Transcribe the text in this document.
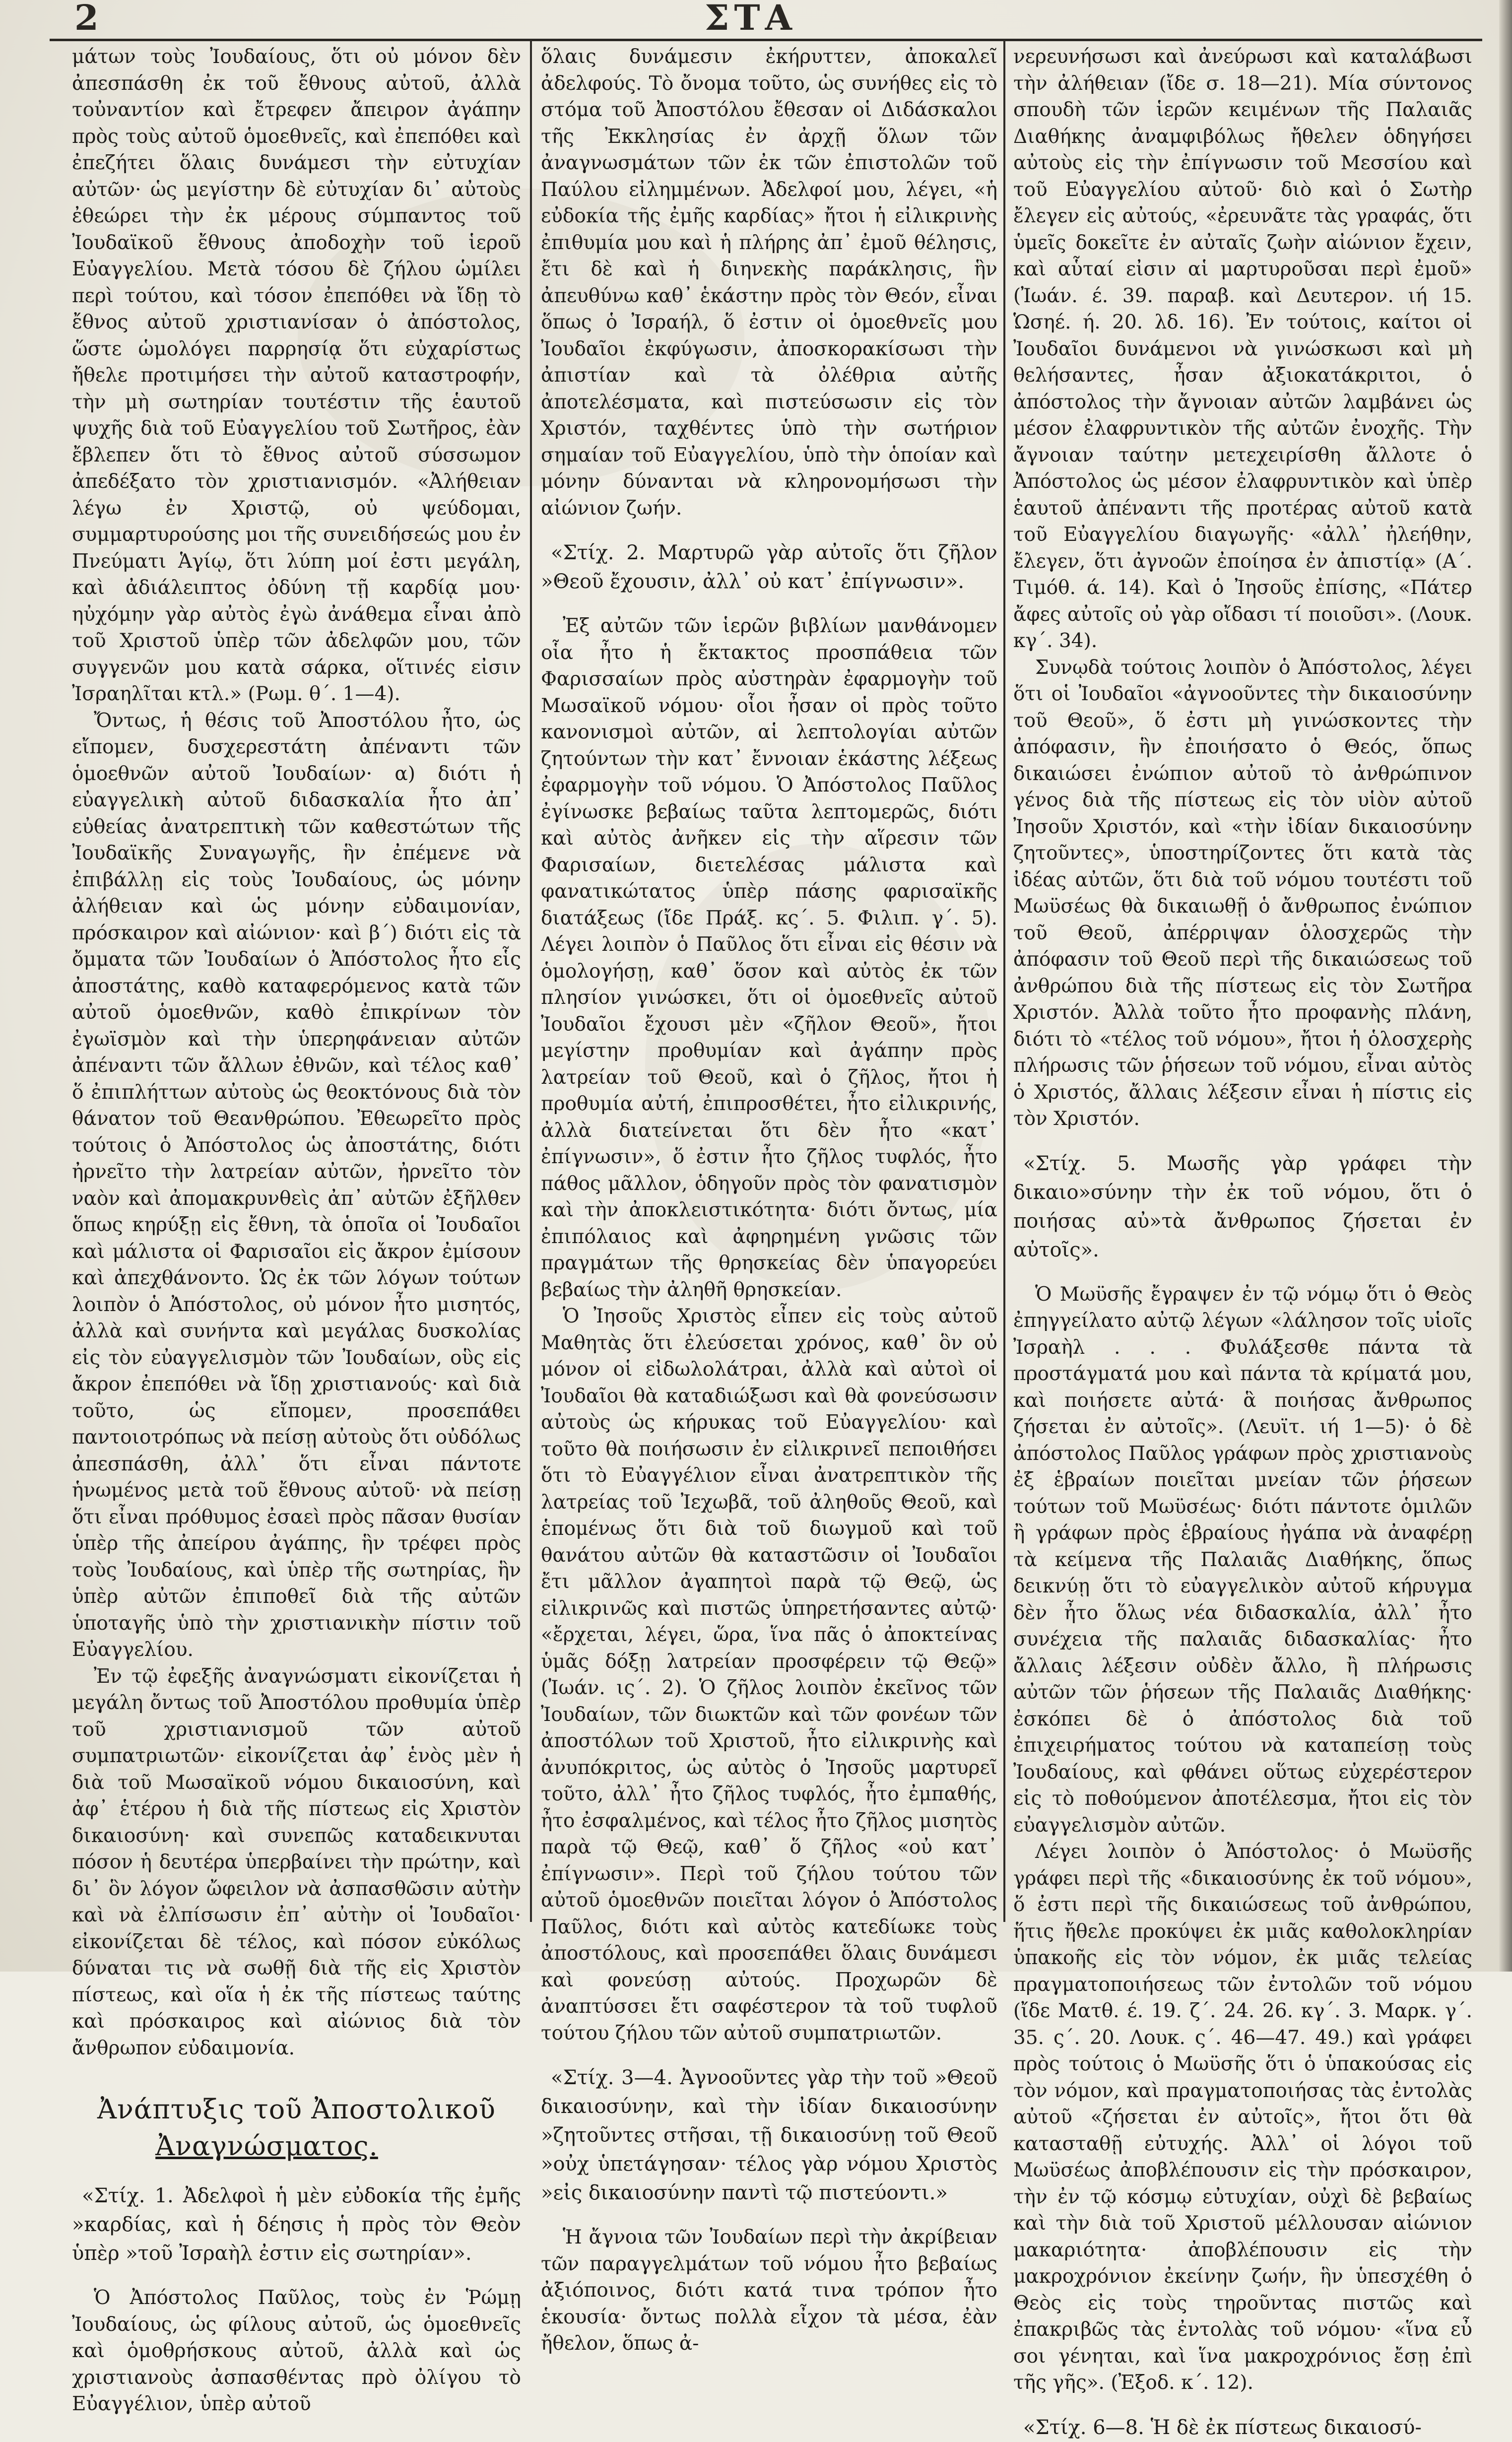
2	ΣΤΑ

μάτων τοὺς Ἰουδαίους, ὅτι οὐ μόνον δὲν ἀπεσπάσθη ἐκ τοῦ ἔθνους αὐτοῦ, ἀλλὰ τοὐναντίον καὶ ἔτρεφεν ἄπειρον ἀγάπην πρὸς τοὺς αὐτοῦ ὁμοεθνεῖς, καὶ ἐπεπόθει καὶ ἐπεζήτει ὅλαις δυνάμεσι τὴν εὐτυχίαν αὐτῶν· ὡς μεγίστην δὲ εὐτυχίαν δι᾽ αὐτοὺς ἐθεώρει τὴν ἐκ μέρους σύμπαντος τοῦ Ἰουδαϊκοῦ ἔθνους ἀποδοχὴν τοῦ ἱεροῦ Εὐαγγελίου. Μετὰ τόσου δὲ ζήλου ὡμίλει περὶ τούτου, καὶ τόσον ἐπεπόθει νὰ ἴδῃ τὸ ἔθνος αὐτοῦ χριστιανίσαν ὁ ἀπόστολος, ὥστε ὡμολόγει παρρησίᾳ ὅτι εὐχαρίστως ἤθελε προτιμήσει τὴν αὐτοῦ καταστροφήν, τὴν μὴ σωτηρίαν τουτέστιν τῆς ἑαυτοῦ ψυχῆς διὰ τοῦ Εὐαγγελίου τοῦ Σωτῆρος, ἐὰν ἔβλεπεν ὅτι τὸ ἔθνος αὐτοῦ σύσσωμον ἀπεδέξατο τὸν χριστιανισμόν. «Ἀλήθειαν λέγω ἐν Χριστῷ, οὐ ψεύδομαι, συμμαρτυρούσης μοι τῆς συνειδήσεώς μου ἐν Πνεύματι Ἁγίῳ, ὅτι λύπη μοί ἐστι μεγάλη, καὶ ἀδιάλειπτος ὀδύνη τῇ καρδίᾳ μου· ηὐχόμην γὰρ αὐτὸς ἐγὼ ἀνάθεμα εἶναι ἀπὸ τοῦ Χριστοῦ ὑπὲρ τῶν ἀδελφῶν μου, τῶν συγγενῶν μου κατὰ σάρκα, οἵτινές εἰσιν Ἰσραηλῖται κτλ.» (Ρωμ. θ΄. 1—4).

Ὄντως, ἡ θέσις τοῦ Ἀποστόλου ἦτο, ὡς εἴπομεν, δυσχερεστάτη ἀπέναντι τῶν ὁμοεθνῶν αὐτοῦ Ἰουδαίων· α) διότι ἡ εὐαγγελικὴ αὐτοῦ διδασκαλία ἦτο ἀπ᾽ εὐθείας ἀνατρεπτικὴ τῶν καθεστώτων τῆς Ἰουδαϊκῆς Συναγωγῆς, ἣν ἐπέμενε νὰ ἐπιβάλλῃ εἰς τοὺς Ἰουδαίους, ὡς μόνην ἀλήθειαν καὶ ὡς μόνην εὐδαιμονίαν, πρόσκαιρον καὶ αἰώνιον· καὶ β΄) διότι εἰς τὰ ὄμματα τῶν Ἰουδαίων ὁ Ἀπόστολος ἦτο εἷς ἀποστάτης, καθὸ καταφερόμενος κατὰ τῶν αὐτοῦ ὁμοεθνῶν, καθὸ ἐπικρίνων τὸν ἐγωϊσμὸν καὶ τὴν ὑπερηφάνειαν αὐτῶν ἀπέναντι τῶν ἄλλων ἐθνῶν, καὶ τέλος καθ᾽ ὅ ἐπιπλήττων αὐτοὺς ὡς θεοκτόνους διὰ τὸν θάνατον τοῦ Θεανθρώπου. Ἐθεωρεῖτο πρὸς τούτοις ὁ Ἀπόστολος ὡς ἀποστάτης, διότι ἠρνεῖτο τὴν λατρείαν αὐτῶν, ἠρνεῖτο τὸν ναὸν καὶ ἀπομακρυνθεὶς ἀπ᾽ αὐτῶν ἐξῆλθεν ὅπως κηρύξῃ εἰς ἔθνη, τὰ ὁποῖα οἱ Ἰουδαῖοι καὶ μάλιστα οἱ Φαρισαῖοι εἰς ἄκρον ἐμίσουν καὶ ἀπεχθάνοντο. Ὡς ἐκ τῶν λόγων τούτων λοιπὸν ὁ Ἀπόστολος, οὐ μόνον ἦτο μισητός, ἀλλὰ καὶ συνήντα καὶ μεγάλας δυσκολίας εἰς τὸν εὐαγγελισμὸν τῶν Ἰουδαίων, οὓς εἰς ἄκρον ἐπεπόθει νὰ ἴδῃ χριστιανούς· καὶ διὰ τοῦτο, ὡς εἴπομεν, προσεπάθει παντοιοτρόπως νὰ πείσῃ αὐτοὺς ὅτι οὐδόλως ἀπεσπάσθη, ἀλλ᾽ ὅτι εἶναι πάντοτε ἡνωμένος μετὰ τοῦ ἔθνους αὐτοῦ· νὰ πείσῃ ὅτι εἶναι πρόθυμος ἐσαεὶ πρὸς πᾶσαν θυσίαν ὑπὲρ τῆς ἀπείρου ἀγάπης, ἣν τρέφει πρὸς τοὺς Ἰουδαίους, καὶ ὑπὲρ τῆς σωτηρίας, ἣν ὑπὲρ αὐτῶν ἐπιποθεῖ διὰ τῆς αὐτῶν ὑποταγῆς ὑπὸ τὴν χριστιανικὴν πίστιν τοῦ Εὐαγγελίου.

Ἐν τῷ ἐφεξῆς ἀναγνώσματι εἰκονίζεται ἡ μεγάλη ὄντως τοῦ Ἀποστόλου προθυμία ὑπὲρ τοῦ χριστιανισμοῦ τῶν αὐτοῦ συμπατριωτῶν· εἰκονίζεται ἀφ᾽ ἑνὸς μὲν ἡ διὰ τοῦ Μωσαϊκοῦ νόμου δικαιοσύνη, καὶ ἀφ᾽ ἑτέρου ἡ διὰ τῆς πίστεως εἰς Χριστὸν δικαιοσύνη· καὶ συνεπῶς καταδεικνυται πόσον ἡ δευτέρα ὑπερβαίνει τὴν πρώτην, καὶ δι᾽ ὃν λόγον ὤφειλον νὰ ἀσπασθῶσιν αὐτὴν καὶ νὰ ἐλπίσωσιν ἐπ᾽ αὐτὴν οἱ Ἰουδαῖοι· εἰκονίζεται δὲ τέλος, καὶ πόσον εὐκόλως δύναται τις νὰ σωθῇ διὰ τῆς εἰς Χριστὸν πίστεως, καὶ οἵα ἡ ἐκ τῆς πίστεως ταύτης καὶ πρόσκαιρος καὶ αἰώνιος διὰ τὸν ἄνθρωπον εὐδαιμονία.

Ἀνάπτυξις τοῦ Ἀποστολικοῦ
Ἀναγνώσματος.

«Στίχ. 1. Ἀδελφοὶ ἡ μὲν εὐδοκία τῆς ἐμῆς »καρδίας, καὶ ἡ δέησις ἡ πρὸς τὸν Θεὸν ὑπὲρ »τοῦ Ἰσραὴλ ἐστιν εἰς σωτηρίαν».

Ὁ Ἀπόστολος Παῦλος, τοὺς ἐν Ῥώμῃ Ἰουδαίους, ὡς φίλους αὐτοῦ, ὡς ὁμοεθνεῖς καὶ ὁμοθρήσκους αὐτοῦ, ἀλλὰ καὶ ὡς χριστιανοὺς ἀσπασθέντας πρὸ ὀλίγου τὸ Εὐαγγέλιον, ὑπὲρ αὐτοῦ

ὅλαις δυνάμεσιν ἐκήρυττεν, ἀποκαλεῖ ἀδελφούς. Τὸ ὄνομα τοῦτο, ὡς συνήθες εἰς τὸ στόμα τοῦ Ἀποστόλου ἔθεσαν οἱ Διδάσκαλοι τῆς Ἐκκλησίας ἐν ἀρχῇ ὅλων τῶν ἀναγνωσμάτων τῶν ἐκ τῶν ἐπιστολῶν τοῦ Παύλου εἰλημμένων. Ἀδελφοί μου, λέγει, «ἡ εὐδοκία τῆς ἐμῆς καρδίας» ἤτοι ἡ εἰλικρινὴς ἐπιθυμία μου καὶ ἡ πλήρης ἀπ᾽ ἐμοῦ θέλησις, ἔτι δὲ καὶ ἡ διηνεκὴς παράκλησις, ἣν ἀπευθύνω καθ᾽ ἑκάστην πρὸς τὸν Θεόν, εἶναι ὅπως ὁ Ἰσραήλ, ὅ ἐστιν οἱ ὁμοεθνεῖς μου Ἰουδαῖοι ἐκφύγωσιν, ἀποσκορακίσωσι τὴν ἀπιστίαν καὶ τὰ ὀλέθρια αὐτῆς ἀποτελέσματα, καὶ πιστεύσωσιν εἰς τὸν Χριστόν, ταχθέντες ὑπὸ τὴν σωτήριον σημαίαν τοῦ Εὐαγγελίου, ὑπὸ τὴν ὁποίαν καὶ μόνην δύνανται νὰ κληρονομήσωσι τὴν αἰώνιον ζωήν.

«Στίχ. 2. Μαρτυρῶ γὰρ αὐτοῖς ὅτι ζῆλον »Θεοῦ ἔχουσιν, ἀλλ᾽ οὐ κατ᾽ ἐπίγνωσιν».

Ἐξ αὐτῶν τῶν ἱερῶν βιβλίων μανθάνομεν οἷα ἦτο ἡ ἔκτακτος προσπάθεια τῶν Φαρισσαίων πρὸς αὐστηρὰν ἐφαρμογὴν τοῦ Μωσαϊκοῦ νόμου· οἷοι ἦσαν οἱ πρὸς τοῦτο κανονισμοὶ αὐτῶν, αἱ λεπτολογίαι αὐτῶν ζητούντων τὴν κατ᾽ ἔννοιαν ἑκάστης λέξεως ἐφαρμογὴν τοῦ νόμου. Ὁ Ἀπόστολος Παῦλος ἐγίνωσκε βεβαίως ταῦτα λεπτομερῶς, διότι καὶ αὐτὸς ἀνῆκεν εἰς τὴν αἵρεσιν τῶν Φαρισαίων, διετελέσας μάλιστα καὶ φανατικώτατος ὑπὲρ πάσης φαρισαϊκῆς διατάξεως (ἴδε Πράξ. κς΄. 5. Φιλιπ. γ΄. 5). Λέγει λοιπὸν ὁ Παῦλος ὅτι εἶναι εἰς θέσιν νὰ ὁμολογήσῃ, καθ᾽ ὅσον καὶ αὐτὸς ἐκ τῶν πλησίον γινώσκει, ὅτι οἱ ὁμοεθνεῖς αὐτοῦ Ἰουδαῖοι ἔχουσι μὲν «ζῆλον Θεοῦ», ἤτοι μεγίστην προθυμίαν καὶ ἀγάπην πρὸς λατρείαν τοῦ Θεοῦ, καὶ ὁ ζῆλος, ἤτοι ἡ προθυμία αὐτή, ἐπιπροσθέτει, ἦτο εἰλικρινής, ἀλλὰ διατείνεται ὅτι δὲν ἦτο «κατ᾽ ἐπίγνωσιν», ὅ ἐστιν ἦτο ζῆλος τυφλός, ἦτο πάθος μᾶλλον, ὁδηγοῦν πρὸς τὸν φανατισμὸν καὶ τὴν ἀποκλειστικότητα· διότι ὄντως, μία ἐπιπόλαιος καὶ ἀφηρημένη γνῶσις τῶν πραγμάτων τῆς θρησκείας δὲν ὑπαγορεύει βεβαίως τὴν ἀληθῆ θρησκείαν.

Ὁ Ἰησοῦς Χριστὸς εἶπεν εἰς τοὺς αὐτοῦ Μαθητὰς ὅτι ἐλεύσεται χρόνος, καθ᾽ ὃν οὐ μόνον οἱ εἰδωλολάτραι, ἀλλὰ καὶ αὐτοὶ οἱ Ἰουδαῖοι θὰ καταδιώξωσι καὶ θὰ φονεύσωσιν αὐτοὺς ὡς κήρυκας τοῦ Εὐαγγελίου· καὶ τοῦτο θὰ ποιήσωσιν ἐν εἰλικρινεῖ πεποιθήσει ὅτι τὸ Εὐαγγέλιον εἶναι ἀνατρεπτικὸν τῆς λατρείας τοῦ Ἰεχωβᾶ, τοῦ ἀληθοῦς Θεοῦ, καὶ ἑπομένως ὅτι διὰ τοῦ διωγμοῦ καὶ τοῦ θανάτου αὐτῶν θὰ καταστῶσιν οἱ Ἰουδαῖοι ἔτι μᾶλλον ἀγαπητοὶ παρὰ τῷ Θεῷ, ὡς εἰλικρινῶς καὶ πιστῶς ὑπηρετήσαντες αὐτῷ· «ἔρχεται, λέγει, ὥρα, ἵνα πᾶς ὁ ἀποκτείνας ὑμᾶς δόξῃ λατρείαν προσφέρειν τῷ Θεῷ» (Ἰωάν. ις΄. 2). Ὁ ζῆλος λοιπὸν ἐκεῖνος τῶν Ἰουδαίων, τῶν διωκτῶν καὶ τῶν φονέων τῶν ἀποστόλων τοῦ Χριστοῦ, ἦτο εἰλικρινὴς καὶ ἀνυπόκριτος, ὡς αὐτὸς ὁ Ἰησοῦς μαρτυρεῖ τοῦτο, ἀλλ᾽ ἦτο ζῆλος τυφλός, ἦτο ἐμπαθής, ἦτο ἐσφαλμένος, καὶ τέλος ἦτο ζῆλος μισητὸς παρὰ τῷ Θεῷ, καθ᾽ ὅ ζῆλος «οὐ κατ᾽ ἐπίγνωσιν». Περὶ τοῦ ζήλου τούτου τῶν αὐτοῦ ὁμοεθνῶν ποιεῖται λόγον ὁ Ἀπόστολος Παῦλος, διότι καὶ αὐτὸς κατεδίωκε τοὺς ἀποστόλους, καὶ προσεπάθει ὅλαις δυνάμεσι καὶ φονεύσῃ αὐτούς. Προχωρῶν δὲ ἀναπτύσσει ἔτι σαφέστερον τὰ τοῦ τυφλοῦ τούτου ζήλου τῶν αὐτοῦ συμπατριωτῶν.

«Στίχ. 3—4. Ἀγνοοῦντες γὰρ τὴν τοῦ »Θεοῦ δικαιοσύνην, καὶ τὴν ἰδίαν δικαιοσύνην »ζητοῦντες στῆσαι, τῇ δικαιοσύνῃ τοῦ Θεοῦ »οὐχ ὑπετάγησαν· τέλος γὰρ νόμου Χριστὸς »εἰς δικαιοσύνην παντὶ τῷ πιστεύοντι.»

Ἡ ἄγνοια τῶν Ἰουδαίων περὶ τὴν ἀκρίβειαν τῶν παραγγελμάτων τοῦ νόμου ἦτο βεβαίως ἀξιόποινος, διότι κατά τινα τρόπον ἦτο ἑκουσία· ὄντως πολλὰ εἶχον τὰ μέσα, ἐὰν ἤθελον, ὅπως ἀ-

νερευνήσωσι καὶ ἀνεύρωσι καὶ καταλάβωσι τὴν ἀλήθειαν (ἴδε σ. 18—21). Μία σύντονος σπουδὴ τῶν ἱερῶν κειμένων τῆς Παλαιᾶς Διαθήκης ἀναμφιβόλως ἤθελεν ὁδηγήσει αὐτοὺς εἰς τὴν ἐπίγνωσιν τοῦ Μεσσίου καὶ τοῦ Εὐαγγελίου αὐτοῦ· διὸ καὶ ὁ Σωτὴρ ἔλεγεν εἰς αὐτούς, «ἐρευνᾶτε τὰς γραφάς, ὅτι ὑμεῖς δοκεῖτε ἐν αὐταῖς ζωὴν αἰώνιον ἔχειν, καὶ αὗταί εἰσιν αἱ μαρτυροῦσαι περὶ ἐμοῦ» (Ἰωάν. έ. 39. παραβ. καὶ Δευτερον. ιή 15. Ὡσηέ. ή. 20. λδ. 16). Ἐν τούτοις, καίτοι οἱ Ἰουδαῖοι δυνάμενοι νὰ γινώσκωσι καὶ μὴ θελήσαντες, ἦσαν ἀξιοκατάκριτοι, ὁ ἀπόστολος τὴν ἄγνοιαν αὐτῶν λαμβάνει ὡς μέσον ἐλαφρυντικὸν τῆς αὐτῶν ἐνοχῆς. Τὴν ἄγνοιαν ταύτην μετεχειρίσθη ἄλλοτε ὁ Ἀπόστολος ὡς μέσον ἐλαφρυντικὸν καὶ ὑπὲρ ἑαυτοῦ ἀπέναντι τῆς προτέρας αὐτοῦ κατὰ τοῦ Εὐαγγελίου διαγωγῆς· «ἀλλ᾽ ἠλεήθην, ἔλεγεν, ὅτι ἀγνοῶν ἐποίησα ἐν ἀπιστίᾳ» (Α΄. Τιμόθ. ά. 14). Καὶ ὁ Ἰησοῦς ἐπίσης, «Πάτερ ἄφες αὐτοῖς οὐ γὰρ οἴδασι τί ποιοῦσι». (Λουκ. κγ΄. 34).

Συνῳδὰ τούτοις λοιπὸν ὁ Ἀπόστολος, λέγει ὅτι οἱ Ἰουδαῖοι «ἀγνοοῦντες τὴν δικαιοσύνην τοῦ Θεοῦ», ὅ ἐστι μὴ γινώσκοντες τὴν ἀπόφασιν, ἣν ἐποιήσατο ὁ Θεός, ὅπως δικαιώσει ἐνώπιον αὐτοῦ τὸ ἀνθρώπινον γένος διὰ τῆς πίστεως εἰς τὸν υἱὸν αὐτοῦ Ἰησοῦν Χριστόν, καὶ «τὴν ἰδίαν δικαιοσύνην ζητοῦντες», ὑποστηρίζοντες ὅτι κατὰ τὰς ἰδέας αὐτῶν, ὅτι διὰ τοῦ νόμου τουτέστι τοῦ Μωϋσέως θὰ δικαιωθῇ ὁ ἄνθρωπος ἐνώπιον τοῦ Θεοῦ, ἀπέρριψαν ὁλοσχερῶς τὴν ἀπόφασιν τοῦ Θεοῦ περὶ τῆς δικαιώσεως τοῦ ἀνθρώπου διὰ τῆς πίστεως εἰς τὸν Σωτῆρα Χριστόν. Ἀλλὰ τοῦτο ἦτο προφανὴς πλάνη, διότι τὸ «τέλος τοῦ νόμου», ἤτοι ἡ ὁλοσχερὴς πλήρωσις τῶν ῥήσεων τοῦ νόμου, εἶναι αὐτὸς ὁ Χριστός, ἄλλαις λέξεσιν εἶναι ἡ πίστις εἰς τὸν Χριστόν.

«Στίχ. 5. Μωσῆς γὰρ γράφει τὴν δικαιο»σύνην τὴν ἐκ τοῦ νόμου, ὅτι ὁ ποιήσας αὐ»τὰ ἄνθρωπος ζήσεται ἐν αὐτοῖς».

Ὁ Μωϋσῆς ἔγραψεν ἐν τῷ νόμῳ ὅτι ὁ Θεὸς ἐπηγγείλατο αὐτῷ λέγων «λάλησον τοῖς υἱοῖς Ἰσραὴλ . . . Φυλάξεσθε πάντα τὰ προστάγματά μου καὶ πάντα τὰ κρίματά μου, καὶ ποιήσετε αὐτά· ἃ ποιήσας ἄνθρωπος ζήσεται ἐν αὐτοῖς». (Λευϊτ. ιή 1—5)· ὁ δὲ ἀπόστολος Παῦλος γράφων πρὸς χριστιανοὺς ἐξ ἑβραίων ποιεῖται μνείαν τῶν ῥήσεων τούτων τοῦ Μωϋσέως· διότι πάντοτε ὁμιλῶν ἢ γράφων πρὸς ἑβραίους ἠγάπα νὰ ἀναφέρῃ τὰ κείμενα τῆς Παλαιᾶς Διαθήκης, ὅπως δεικνύῃ ὅτι τὸ εὐαγγελικὸν αὐτοῦ κήρυγμα δὲν ἦτο ὅλως νέα διδασκαλία, ἀλλ᾽ ἦτο συνέχεια τῆς παλαιᾶς διδασκαλίας· ἦτο ἄλλαις λέξεσιν οὐδὲν ἄλλο, ἢ πλήρωσις αὐτῶν τῶν ῥήσεων τῆς Παλαιᾶς Διαθήκης· ἐσκόπει δὲ ὁ ἀπόστολος διὰ τοῦ ἐπιχειρήματος τούτου νὰ καταπείσῃ τοὺς Ἰουδαίους, καὶ φθάνει οὕτως εὐχερέστερον εἰς τὸ ποθούμενον ἀποτέλεσμα, ἤτοι εἰς τὸν εὐαγγελισμὸν αὐτῶν.

Λέγει λοιπὸν ὁ Ἀπόστολος· ὁ Μωϋσῆς γράφει περὶ τῆς «δικαιοσύνης ἐκ τοῦ νόμου», ὅ ἐστι περὶ τῆς δικαιώσεως τοῦ ἀνθρώπου, ἥτις ἤθελε προκύψει ἐκ μιᾶς καθολοκληρίαν ὑπακοῆς εἰς τὸν νόμον, ἐκ μιᾶς τελείας πραγματοποιήσεως τῶν ἐντολῶν τοῦ νόμου (ἴδε Ματθ. έ. 19. ζ΄. 24. 26. κγ΄. 3. Μαρκ. γ΄. 35. ς΄. 20. Λουκ. ς΄. 46—47. 49.) καὶ γράφει πρὸς τούτοις ὁ Μωϋσῆς ὅτι ὁ ὑπακούσας εἰς τὸν νόμον, καὶ πραγματοποιήσας τὰς ἐντολὰς αὐτοῦ «ζήσεται ἐν αὐτοῖς», ἤτοι ὅτι θὰ κατασταθῇ εὐτυχής. Ἀλλ᾽ οἱ λόγοι τοῦ Μωϋσέως ἀποβλέπουσιν εἰς τὴν πρόσκαιρον, τὴν ἐν τῷ κόσμῳ εὐτυχίαν, οὐχὶ δὲ βεβαίως καὶ τὴν διὰ τοῦ Χριστοῦ μέλλουσαν αἰώνιον μακαριότητα· ἀποβλέπουσιν εἰς τὴν μακροχρόνιον ἐκείνην ζωήν, ἣν ὑπεσχέθη ὁ Θεὸς εἰς τοὺς τηροῦντας πιστῶς καὶ ἐπακριβῶς τὰς ἐντολὰς τοῦ νόμου· «ἵνα εὖ σοι γένηται, καὶ ἵνα μακροχρόνιος ἔσῃ ἐπὶ τῆς γῆς». (Ἐξοδ. κ΄. 12).

«Στίχ. 6—8. Ἡ δὲ ἐκ πίστεως δικαιοσύ-
